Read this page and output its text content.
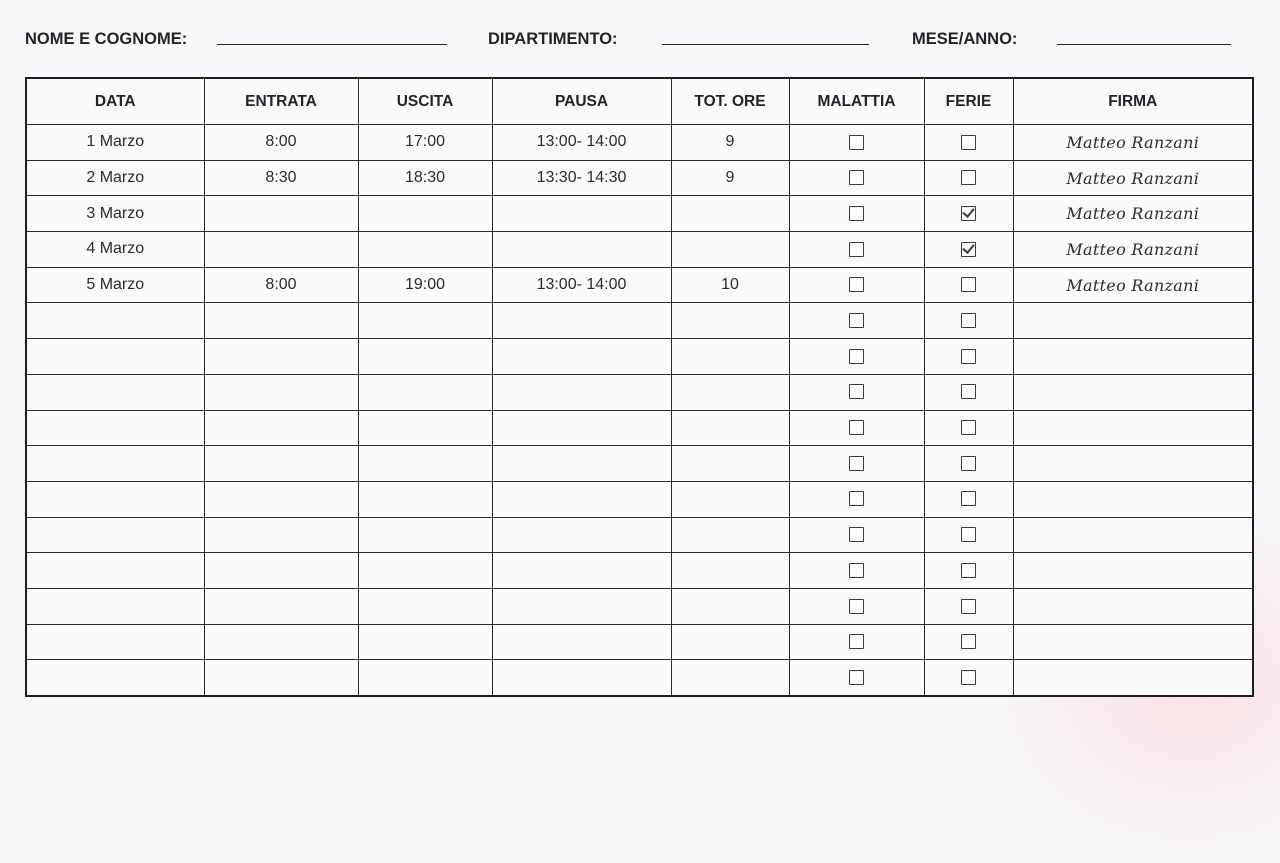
NOME E COGNOME:	DIPARTIMENTO:	MESE/ANNO:
DATA	ENTRATA	USCITA	PAUSA	TOT. ORE	MALATTIA	FERIE	FIRMA
1 Marzo	8:00	17:00	13:00- 14:00	9			Matteo Ranzani
2 Marzo	8:30	18:30	13:30- 14:30	9			Matteo Ranzani
3 Marzo							Matteo Ranzani
4 Marzo							Matteo Ranzani
5 Marzo	8:00	19:00	13:00- 14:00	10			Matteo Ranzani
